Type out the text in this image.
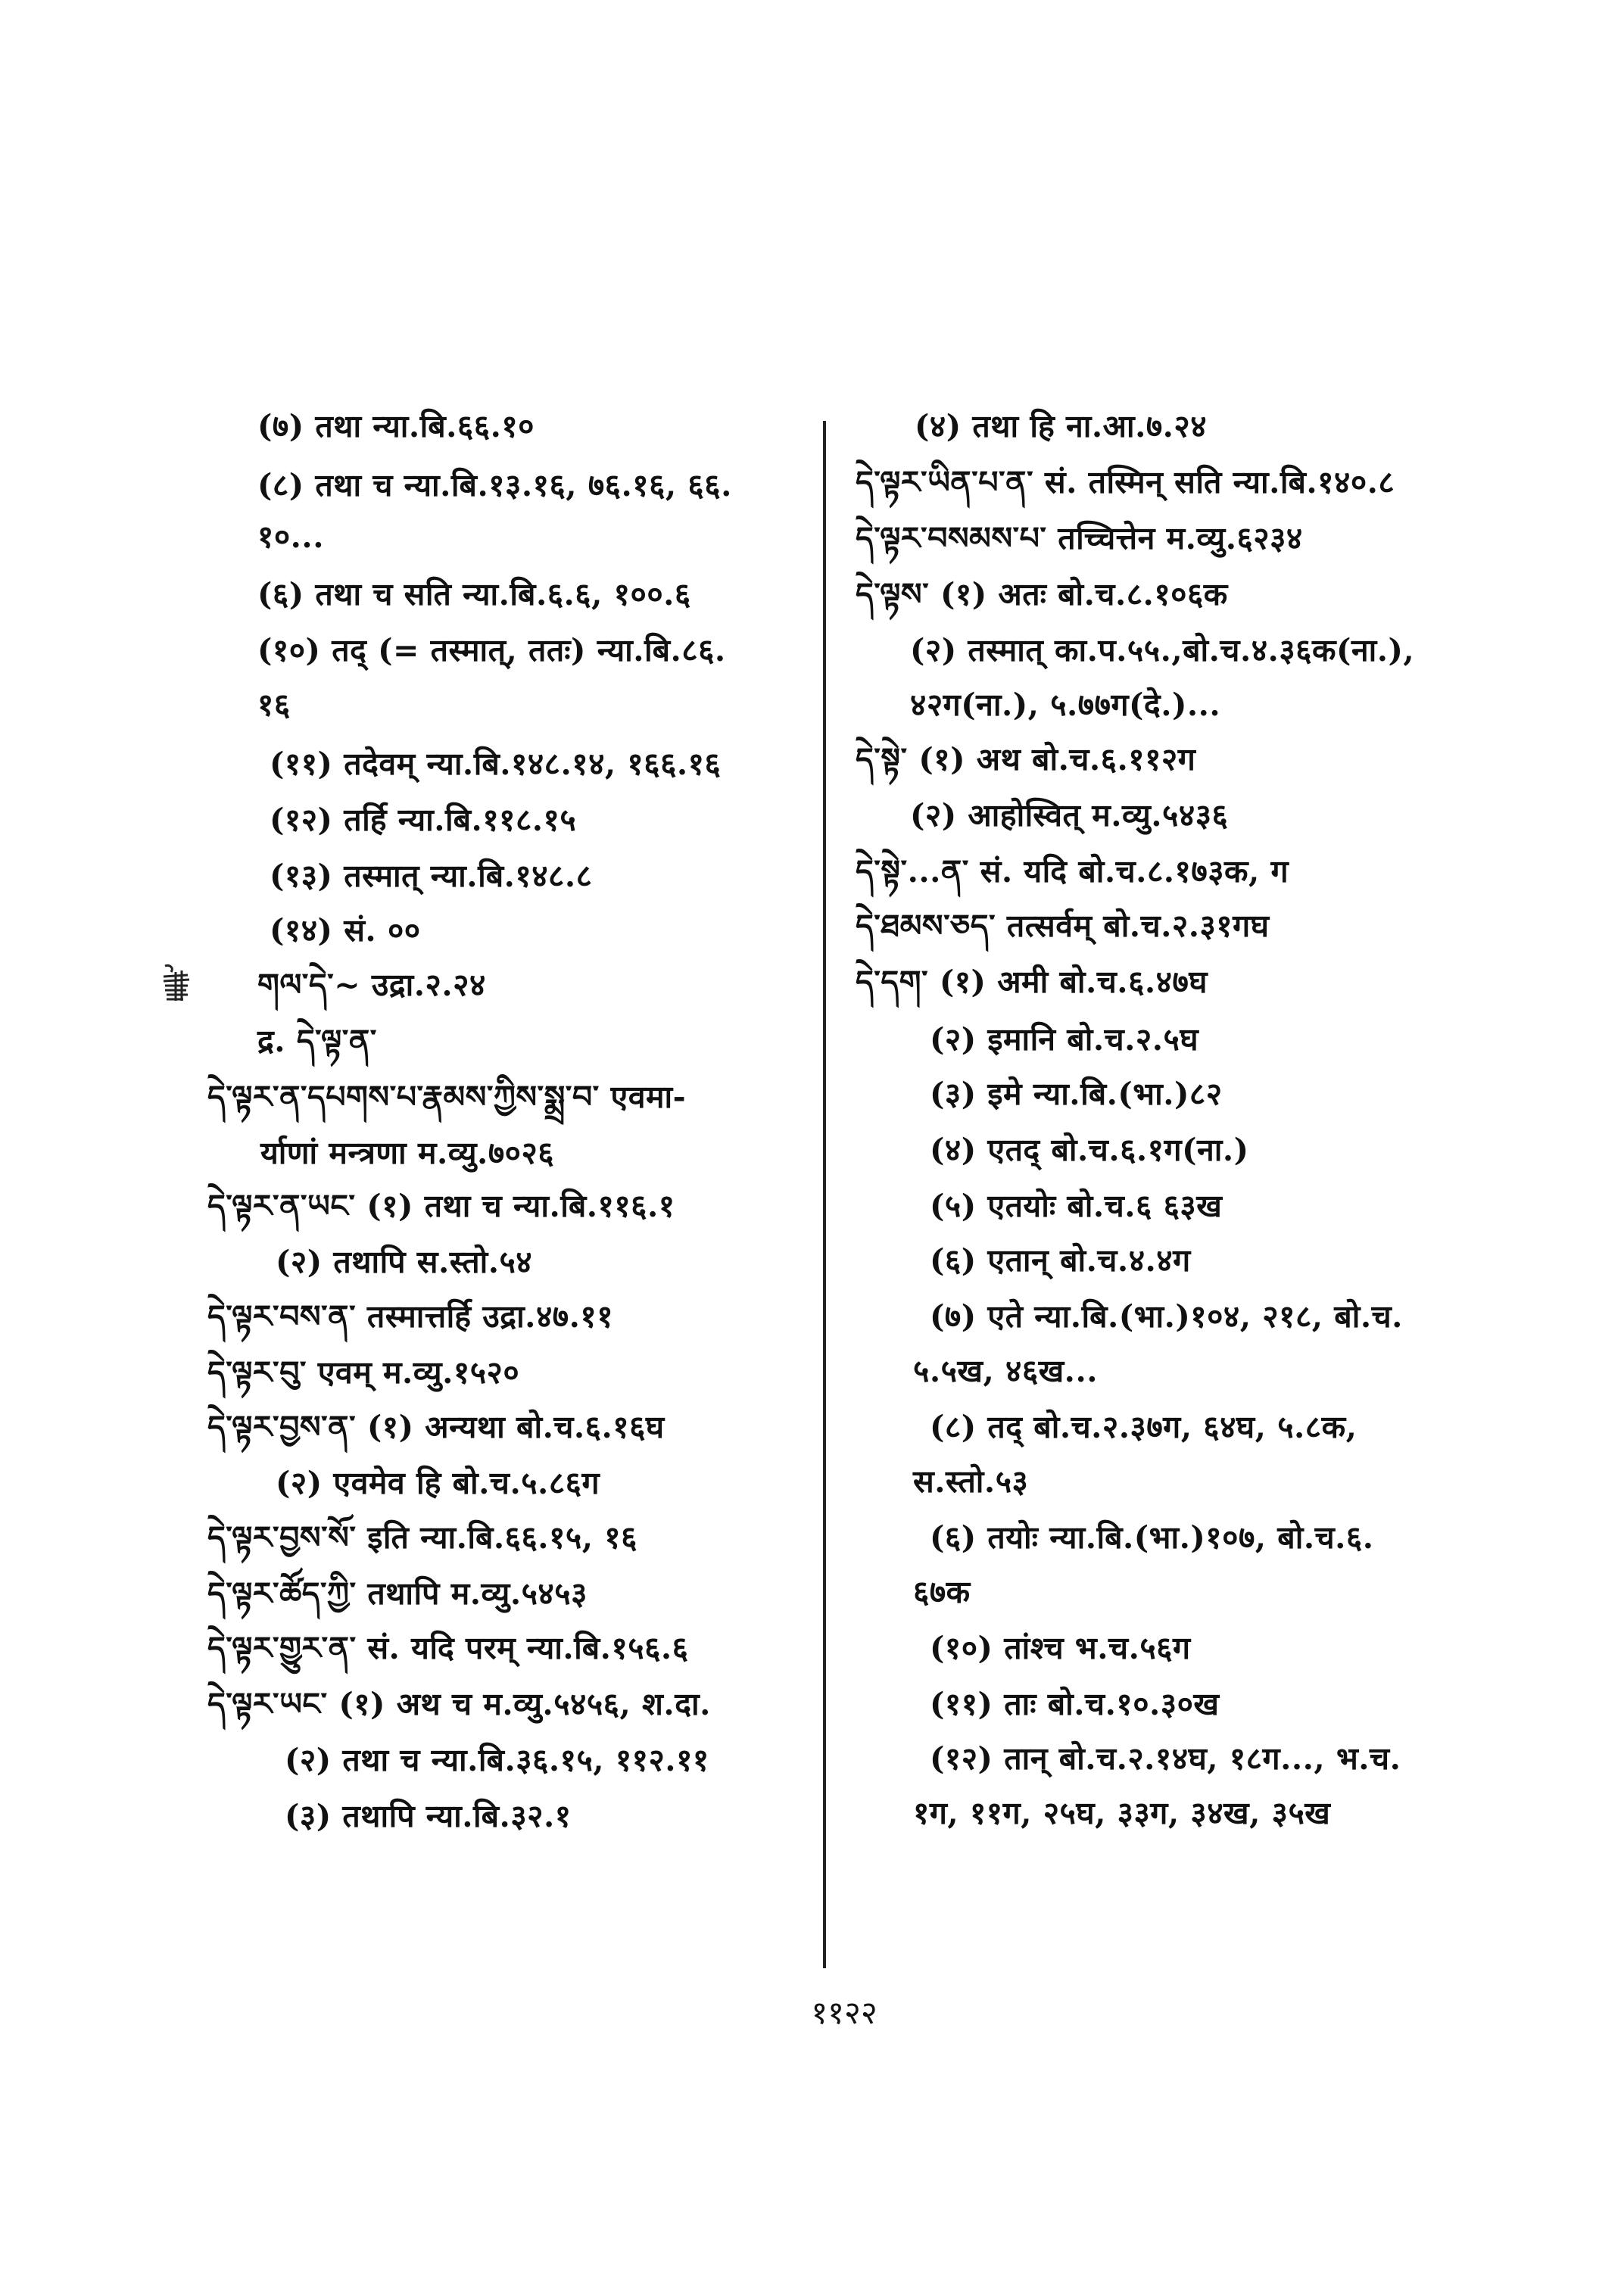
(७) तथा न्या.बि.६६.१०
(८) तथा च न्या.बि.१३.१६, ७६.१६, ६६.
१०...
(६) तथा च सति न्या.बि.६.६, १००.६
(१०) तद् (= तस्मात्, ततः) न्या.बि.८६.
१६
(११) तदेवम् न्या.बि.१४८.१४, १६६.१६
(१२) तर्हि न्या.बि.११८.१५
(१३) तस्मात् न्या.बि.१४८.८
(१४) सं. ००
གལ་དེ་~ उद्रा.२.२४
द्र. དེ་ལྟ་ན་
དེ་ལྟར་ན་དཔགས་པ་རྣམས་ཀྱིས་སྨྲ་བ་ एवमा-
र्याणां मन्त्रणा म.व्यु.७०२६
དེ་ལྟར་ན་ཡང་ (१) तथा च न्या.बि.११६.१
(२) तथापि स.स्तो.५४
དེ་ལྟར་བས་ན་ तस्मात्तर्हि उद्रा.४७.११
དེ་ལྟར་བུ་ एवम् म.व्यु.१५२०
དེ་ལྟར་བྱས་ན་ (१) अन्यथा बो.च.६.१६घ
(२) एवमेव हि बो.च.५.८६ग
དེ་ལྟར་བྱས་སོ་ इति न्या.बि.६६.१५, १६
དེ་ལྟར་ཚོད་ཀྱི་ तथापि म.व्यु.५४५३
དེ་ལྟར་གྱུར་ན་ सं. यदि परम् न्या.बि.१५६.६
དེ་ལྟར་ཡང་ (१) अथ च म.व्यु.५४५६, श.दा.
(२) तथा च न्या.बि.३६.१५, ११२.११
(३) तथापि न्या.बि.३२.१
(४) तथा हि ना.आ.७.२४
དེ་ལྟར་ཡིན་པ་ན་ सं. तस्मिन् सति न्या.बि.१४०.८
དེ་ལྟར་བསམས་པ་ तच्चित्तेन म.व्यु.६२३४
དེ་ལྟས་ (१) अतः बो.च.८.१०६क
(२) तस्मात् का.प.५५.,बो.च.४.३६क(ना.),
४२ग(ना.), ५.७७ग(दे.)...
དེ་སྟེ་ (१) अथ बो.च.६.११२ग
(२) आहोस्वित् म.व्यु.५४३६
དེ་སྟེ་...ན་ सं. यदि बो.च.८.१७३क, ग
དེ་ཐམས་ཅད་ तत्सर्वम् बो.च.२.३१गघ
དེ་དག་ (१) अमी बो.च.६.४७घ
(२) इमानि बो.च.२.५घ
(३) इमे न्या.बि.(भा.)८२
(४) एतद् बो.च.६.१ग(ना.)
(५) एतयोः बो.च.६ ६३ख
(६) एतान् बो.च.४.४ग
(७) एते न्या.बि.(भा.)१०४, २१८, बो.च.
५.५ख, ४६ख...
(८) तद् बो.च.२.३७ग, ६४घ, ५.८क,
स.स्तो.५३
(६) तयोः न्या.बि.(भा.)१०७, बो.च.६.
६७क
(१०) तांश्च भ.च.५६ग
(११) ताः बो.च.१०.३०ख
(१२) तान् बो.च.२.१४घ, १८ग..., भ.च.
१ग, ११ग, २५घ, ३३ग, ३४ख, ३५ख
११२२
